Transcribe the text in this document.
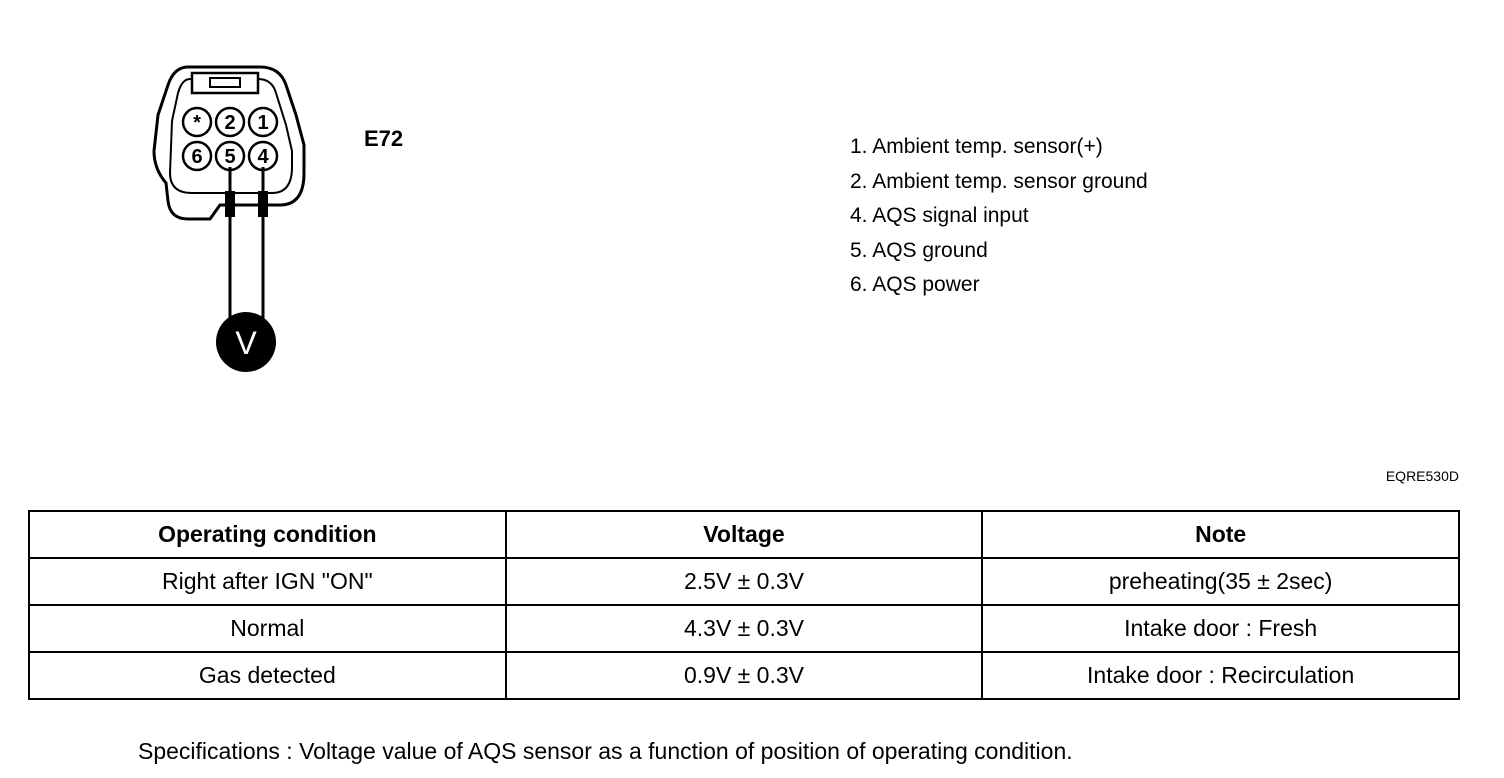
* 2 1
6 5 4
V
E72	1. Ambient temp. sensor(+)
2. Ambient temp. sensor ground
4. AQS signal input
5. AQS ground
6. AQS power
EQRE530D
Operating condition	Voltage	Note
Right after IGN "ON"	2.5V ± 0.3V	preheating(35 ± 2sec)
Normal	4.3V ± 0.3V	Intake door : Fresh
Gas detected	0.9V ± 0.3V	Intake door : Recirculation
Specifications : Voltage value of AQS sensor as a function of position of operating condition.
